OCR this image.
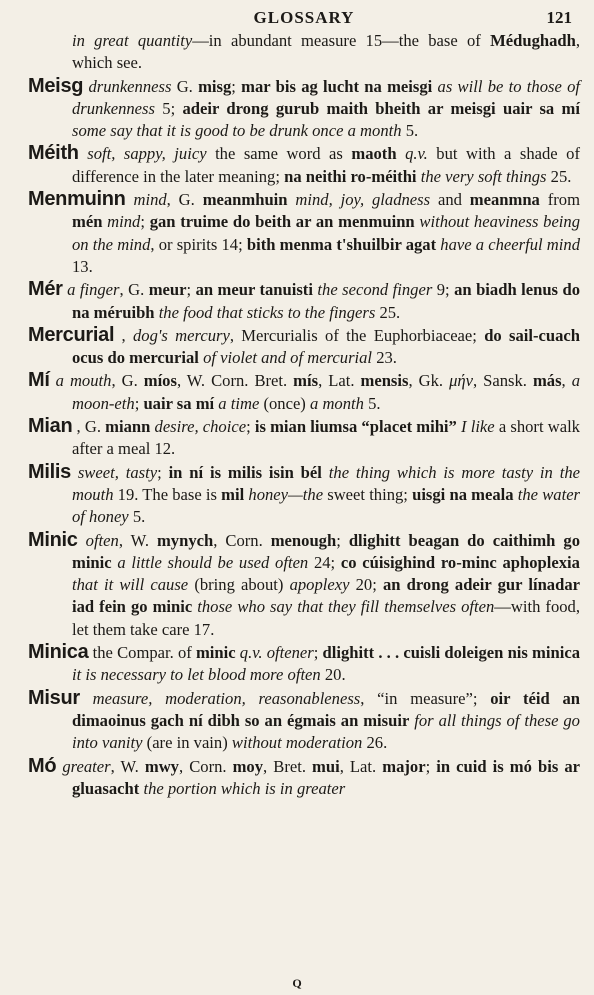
GLOSSARY	121

in great quantity—in abundant measure 15—the base of Médughadh, which see.

Meisg drunkenness G. misg; mar bis ag lucht na meisgi as will be to those of drunkenness 5; adeir drong gurub maith bheith ar meisgi uair sa mí some say that it is good to be drunk once a month 5.

Méith soft, sappy, juicy the same word as maoth q.v. but with a shade of difference in the later meaning; na neithi ro-méithi the very soft things 25.

Menmuinn mind, G. meanmhuin mind, joy, gladness and meanmna from mén mind; gan truime do beith ar an menmuinn without heaviness being on the mind, or spirits 14; bith menma t'shuilbir agat have a cheerful mind 13.

Mér a finger, G. meur; an meur tanuisti the second finger 9; an biadh lenus do na méruibh the food that sticks to the fingers 25.

Mercurial , dog's mercury, Mercurialis of the Euphorbiaceae; do sail-cuach ocus do mercurial of violet and of mercurial 23.

Mí a mouth, G. míos, W. Corn. Bret. mís, Lat. mensis, Gk. μήν, Sansk. más, a moon-eth; uair sa mí a time (once) a month 5.

Mian , G. miann desire, choice; is mian liumsa “placet mihi” I like a short walk after a meal 12.

Milis sweet, tasty; in ní is milis isin bél the thing which is more tasty in the mouth 19. The base is mil honey—the sweet thing; uisgi na meala the water of honey 5.

Minic often, W. mynych, Corn. menough; dlighitt beagan do caithimh go minic a little should be used often 24; co cúisighind ro-minc aphoplexia that it will cause (bring about) apoplexy 20; an drong adeir gur línadar iad fein go minic those who say that they fill themselves often—with food, let them take care 17.

Minica the Compar. of minic q.v. oftener; dlighitt . . . cuisli doleigen nis minica it is necessary to let blood more often 20.

Misur measure, moderation, reasonableness, “in measure”; oir téid an dimaoinus gach ní dibh so an égmais an misuir for all things of these go into vanity (are in vain) without moderation 26.

Mó greater, W. mwy, Corn. moy, Bret. mui, Lat. major; in cuid is mó bis ar gluasacht the portion which is in greater

Q
